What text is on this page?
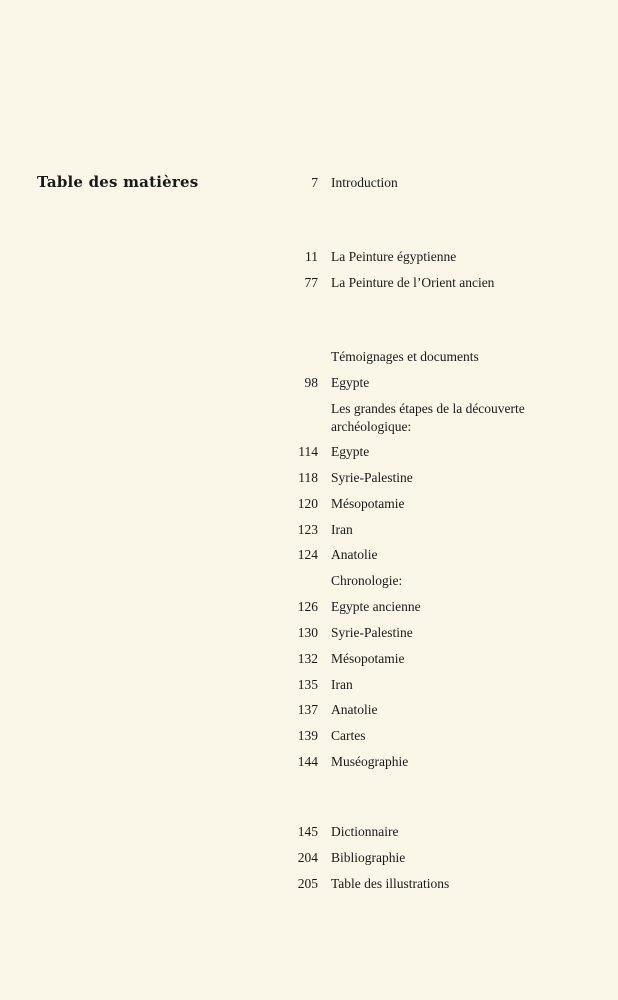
Table des matières	7 Introduction
11 La Peinture égyptienne
77 La Peinture de l’Orient ancien
Témoignages et documents
98 Egypte
Les grandes étapes de la découverte
archéologique:
114 Egypte
118 Syrie-Palestine
120 Mésopotamie
123 Iran
124 Anatolie
Chronologie:
126 Egypte ancienne
130 Syrie-Palestine
132 Mésopotamie
135 Iran
137 Anatolie
139 Cartes
144 Muséographie
145 Dictionnaire
204 Bibliographie
205 Table des illustrations
